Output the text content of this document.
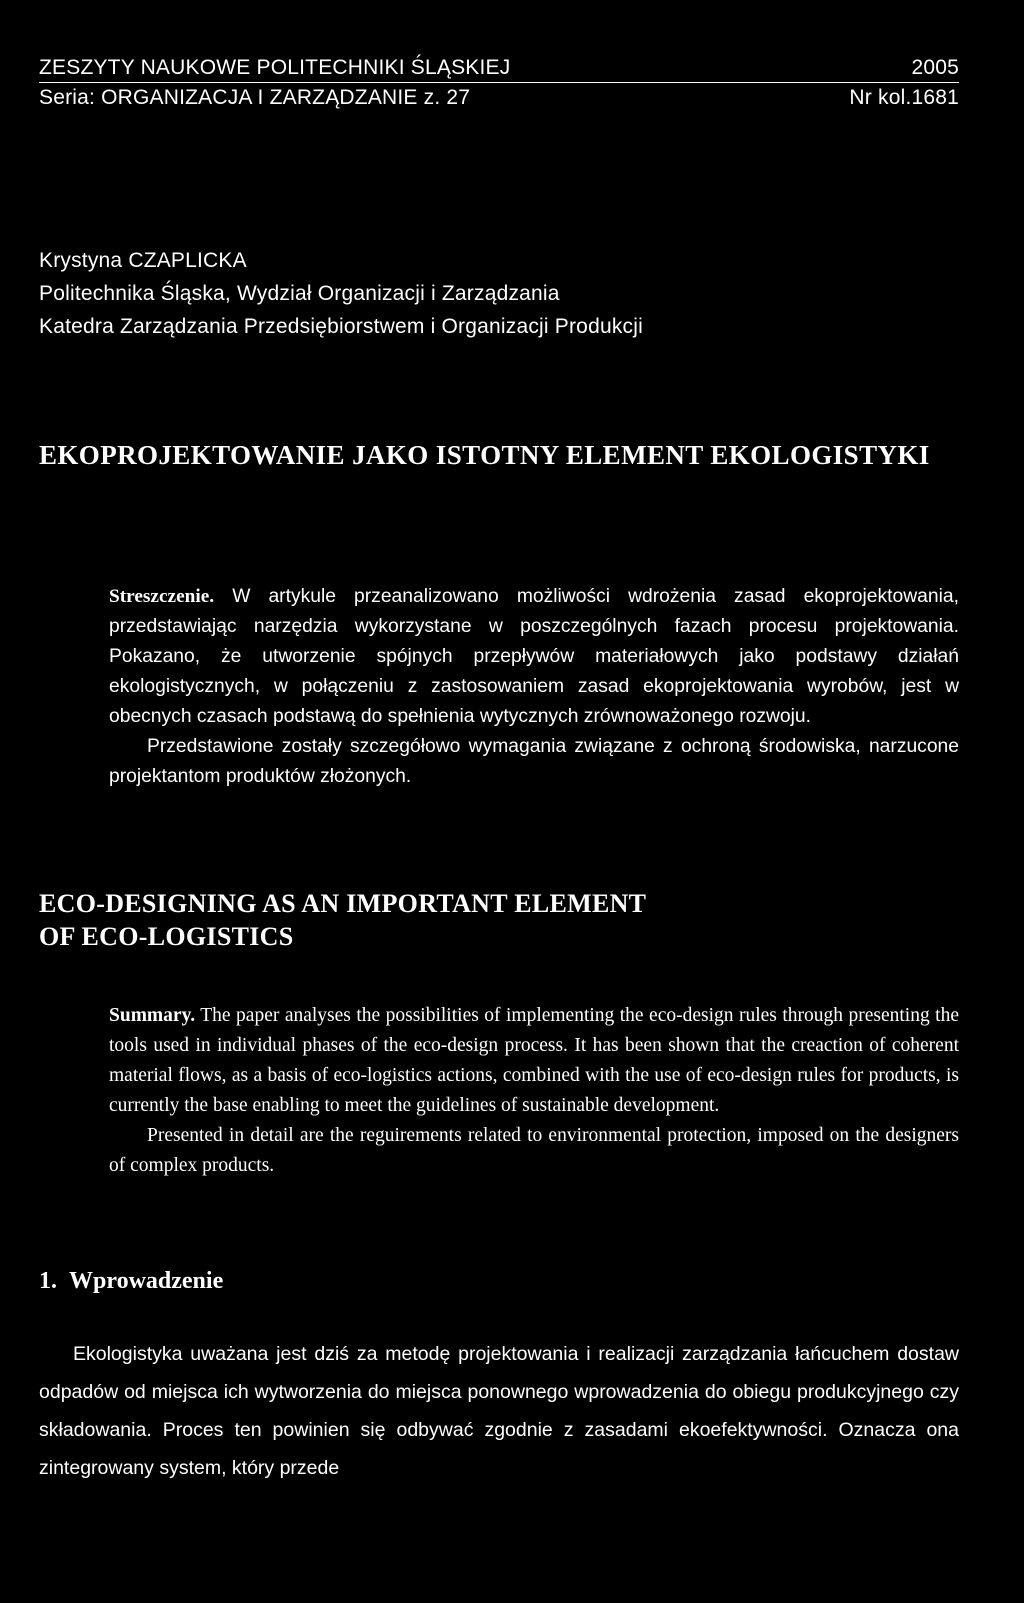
ZESZYTY NAUKOWE POLITECHNIKI ŚLĄSKIEJ	2005
Seria: ORGANIZACJA I ZARZĄDZANIE z. 27	Nr kol.1681
Krystyna CZAPLICKA
Politechnika Śląska, Wydział Organizacji i Zarządzania
Katedra Zarządzania Przedsiębiorstwem i Organizacji Produkcji
EKOPROJEKTOWANIE JAKO ISTOTNY ELEMENT EKOLOGISTYKI

Streszczenie. W artykule przeanalizowano możliwości wdrożenia zasad ekoprojektowania, przedstawiając narzędzia wykorzystane w poszczególnych fazach procesu projektowania. Pokazano, że utworzenie spójnych przepływów materiałowych jako podstawy działań ekologistycznych, w połączeniu z zastosowaniem zasad ekoprojektowania wyrobów, jest w obecnych czasach podstawą do spełnienia wytycznych zrównoważonego rozwoju.

Przedstawione zostały szczegółowo wymagania związane z ochroną środowiska, narzucone projektantom produktów złożonych.

ECO-DESIGNING AS AN IMPORTANT ELEMENT
OF ECO-LOGISTICS

Summary. The paper analyses the possibilities of implementing the eco-design rules through presenting the tools used in individual phases of the eco-design process. It has been shown that the creaction of coherent material flows, as a basis of eco-logistics actions, combined with the use of eco-design rules for products, is currently the base enabling to meet the guidelines of sustainable development.

Presented in detail are the reguirements related to environmental protection, imposed on the designers of complex products.

1. Wprowadzenie

Ekologistyka uważana jest dziś za metodę projektowania i realizacji zarządzania łańcuchem dostaw odpadów od miejsca ich wytworzenia do miejsca ponownego wprowadzenia do obiegu produkcyjnego czy składowania. Proces ten powinien się odbywać zgodnie z zasadami ekoefektywności. Oznacza ona zintegrowany system, który przede
